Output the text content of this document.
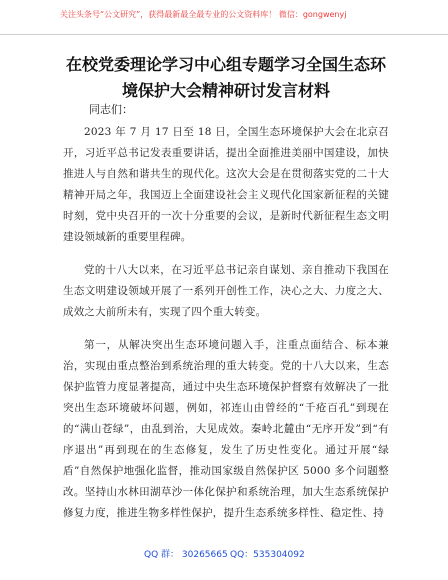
关注头条号“公文研究”，获得最新最全最专业的公文资料库！ 微信：gongwenyj
在校党委理论学习中心组专题学习全国生态环
境保护大会精神研讨发言材料
同志们：

2023 年 7 月 17 日至 18 日，全国生态环境保护大会在北京召开，习近平总书记发表重要讲话，提出全面推进美丽中国建设，加快推进人与自然和谐共生的现代化。这次大会是在贯彻落实党的二十大精神开局之年，我国迈上全面建设社会主义现代化国家新征程的关键时刻，党中央召开的一次十分重要的会议，是新时代新征程生态文明建设领域新的重要里程碑。

党的十八大以来，在习近平总书记亲自谋划、亲自推动下我国在生态文明建设领域开展了一系列开创性工作，决心之大、力度之大、成效之大前所未有，实现了四个重大转变。

第一，从解决突出生态环境问题入手，注重点面结合、标本兼治，实现由重点整治到系统治理的重大转变。党的十八大以来，生态保护监管力度显著提高，通过中央生态环境保护督察有效解决了一批突出生态环境破坏问题，例如，祁连山由曾经的“千疮百孔”到现在的“满山苍绿”，由乱到治，大见成效。秦岭北麓由“无序开发”到“有序退出”再到现在的生态修复，发生了历史性变化。通过开展“绿盾”自然保护地强化监督，推动国家级自然保护区 5000 多个问题整改。坚持山水林田湖草沙一体化保护和系统治理，加大生态系统保护修复力度，推进生物多样性保护，提升生态系统多样性、稳定性、持

QQ 群： 30265665 QQ：535304092
